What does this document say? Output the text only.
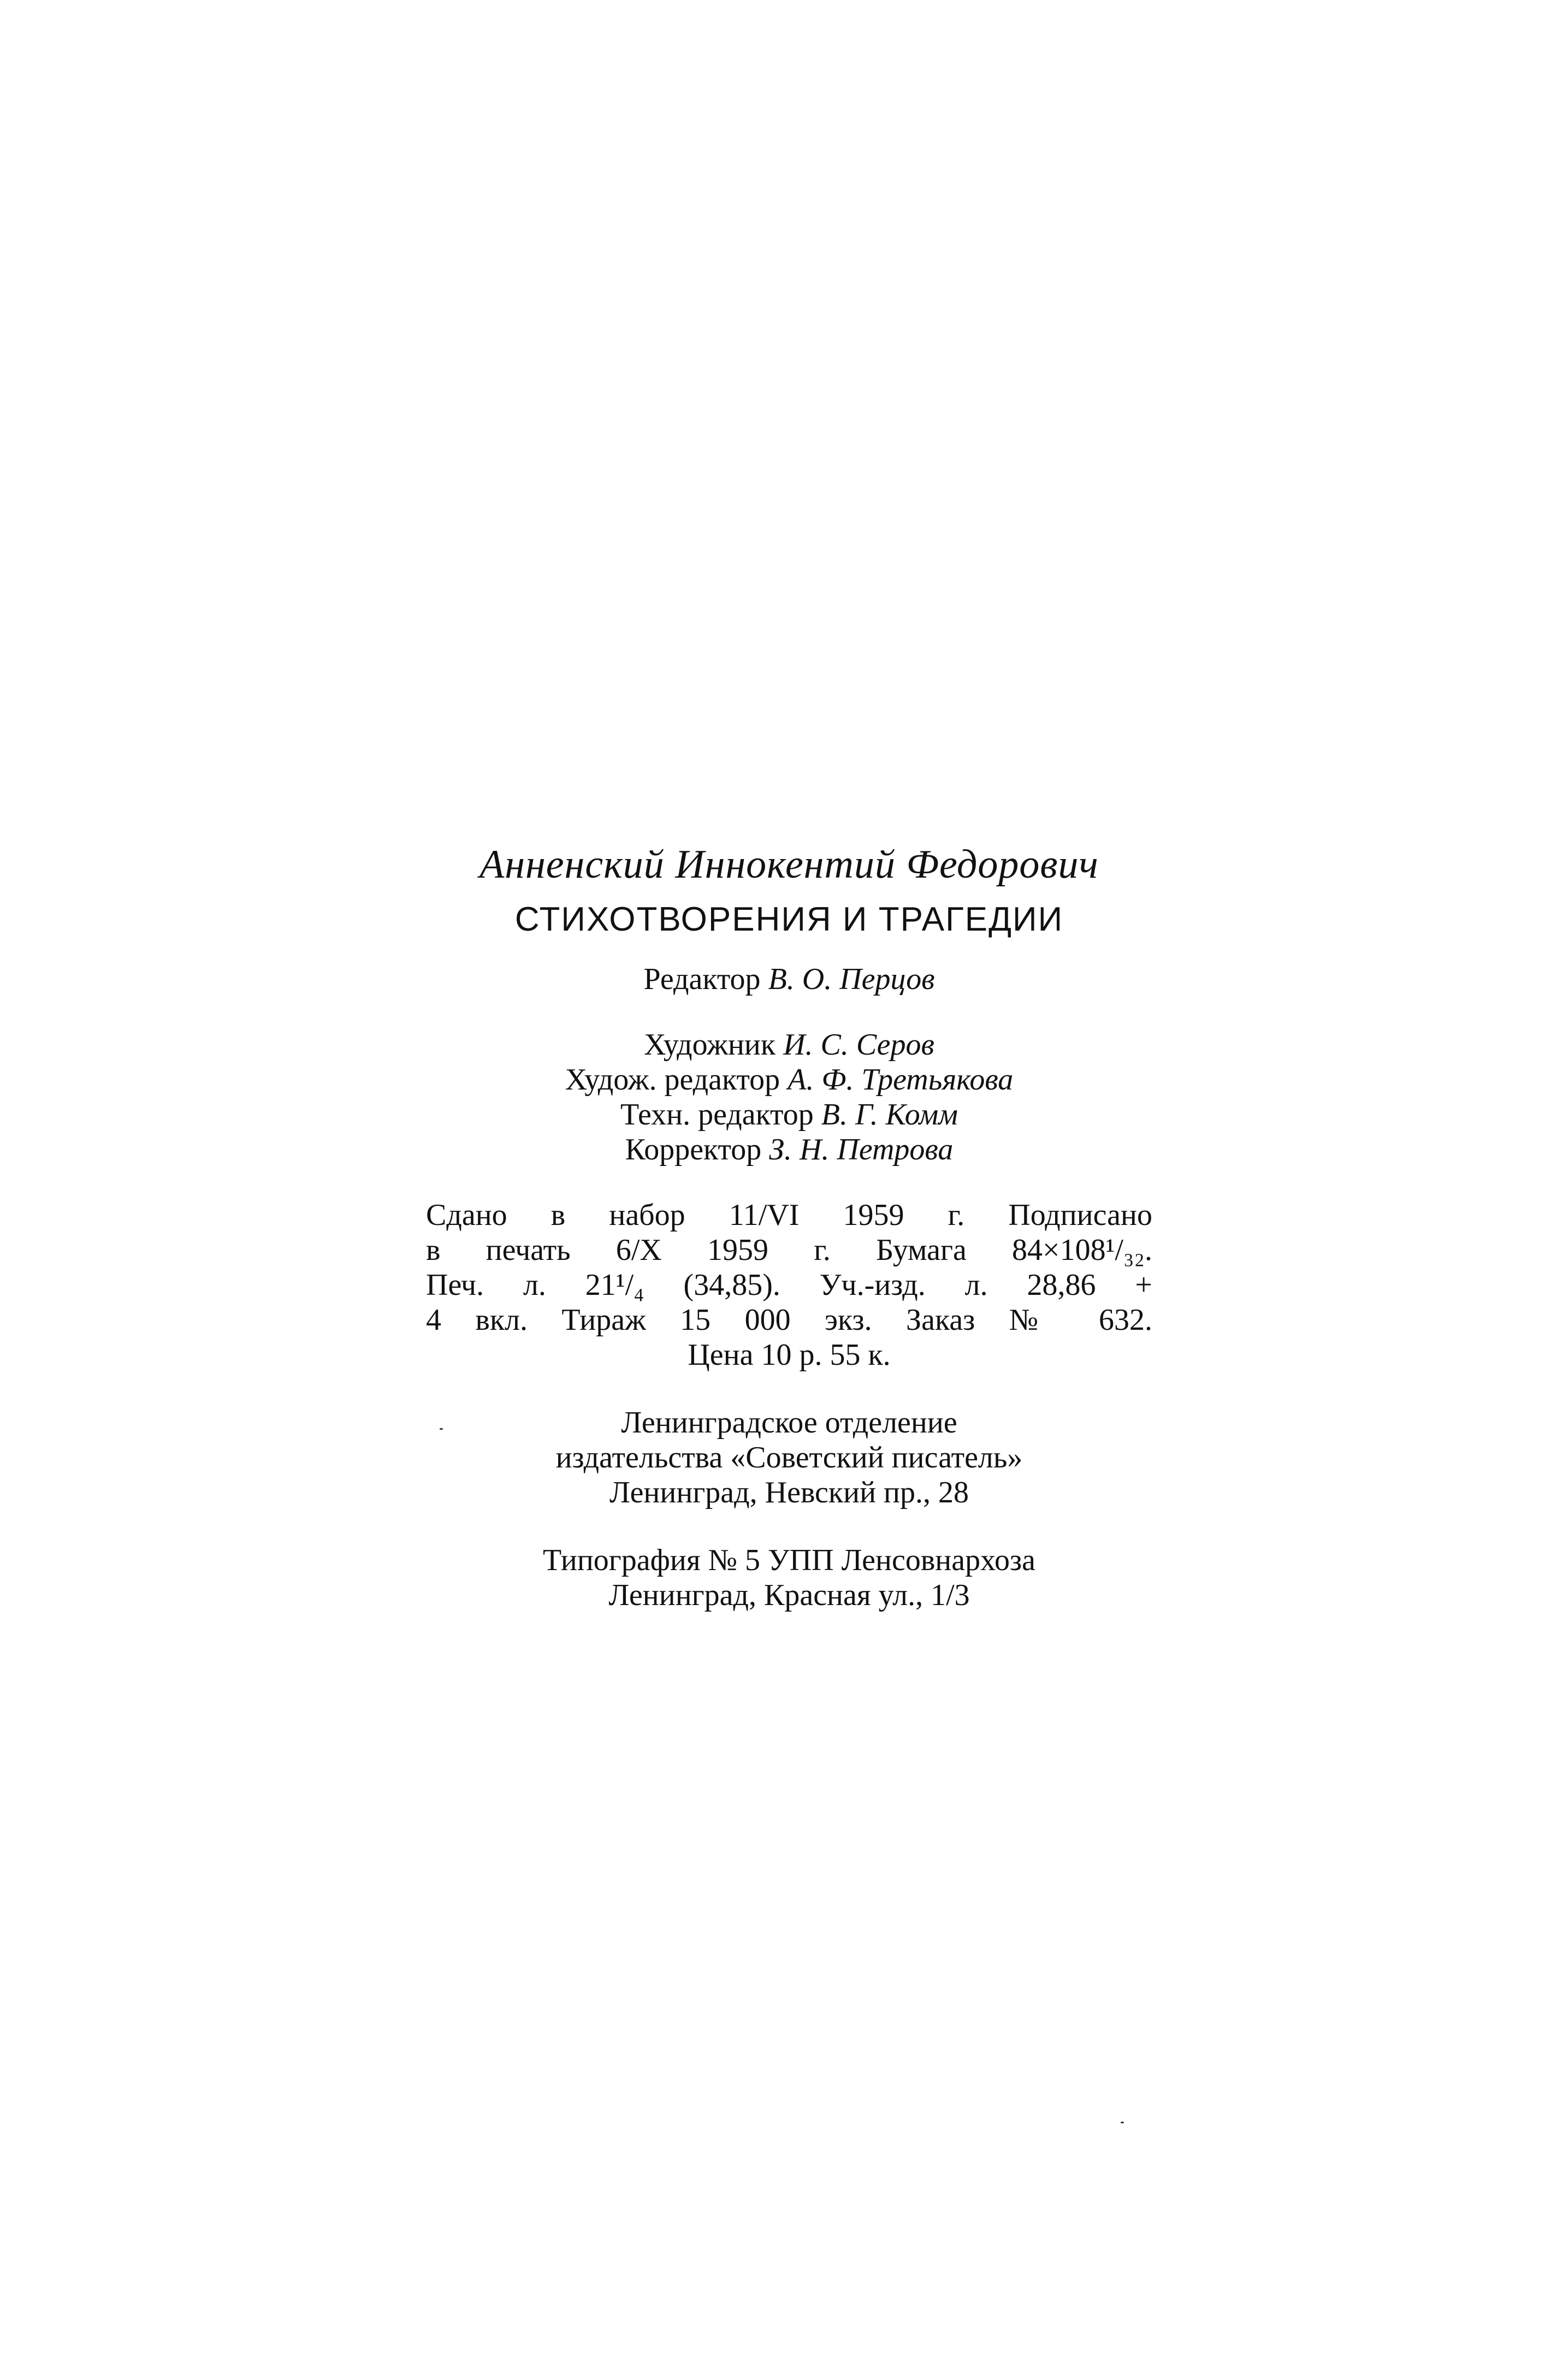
Анненский Иннокентий Федорович
СТИХОТВОРЕНИЯ И ТРАГЕДИИ
Редактор В. О. Перцов
Художник И. С. Серов
Худож. редактор А. Ф. Третьякова
Техн. редактор В. Г. Комм
Корректор З. Н. Петрова
Сдано в набор 11/VI 1959 г. Подписано
в печать 6/X 1959 г. Бумага 84×108¹/₃₂.
Печ. л. 21¹/₄ (34,85). Уч.-изд. л. 28,86 +
4 вкл. Тираж 15 000 экз. Заказ № 632.
Цена 10 р. 55 к.
Ленинградское отделение
издательства «Советский писатель»
Ленинград, Невский пр., 28
Типография № 5 УПП Ленсовнархоза
Ленинград, Красная ул., 1/3
